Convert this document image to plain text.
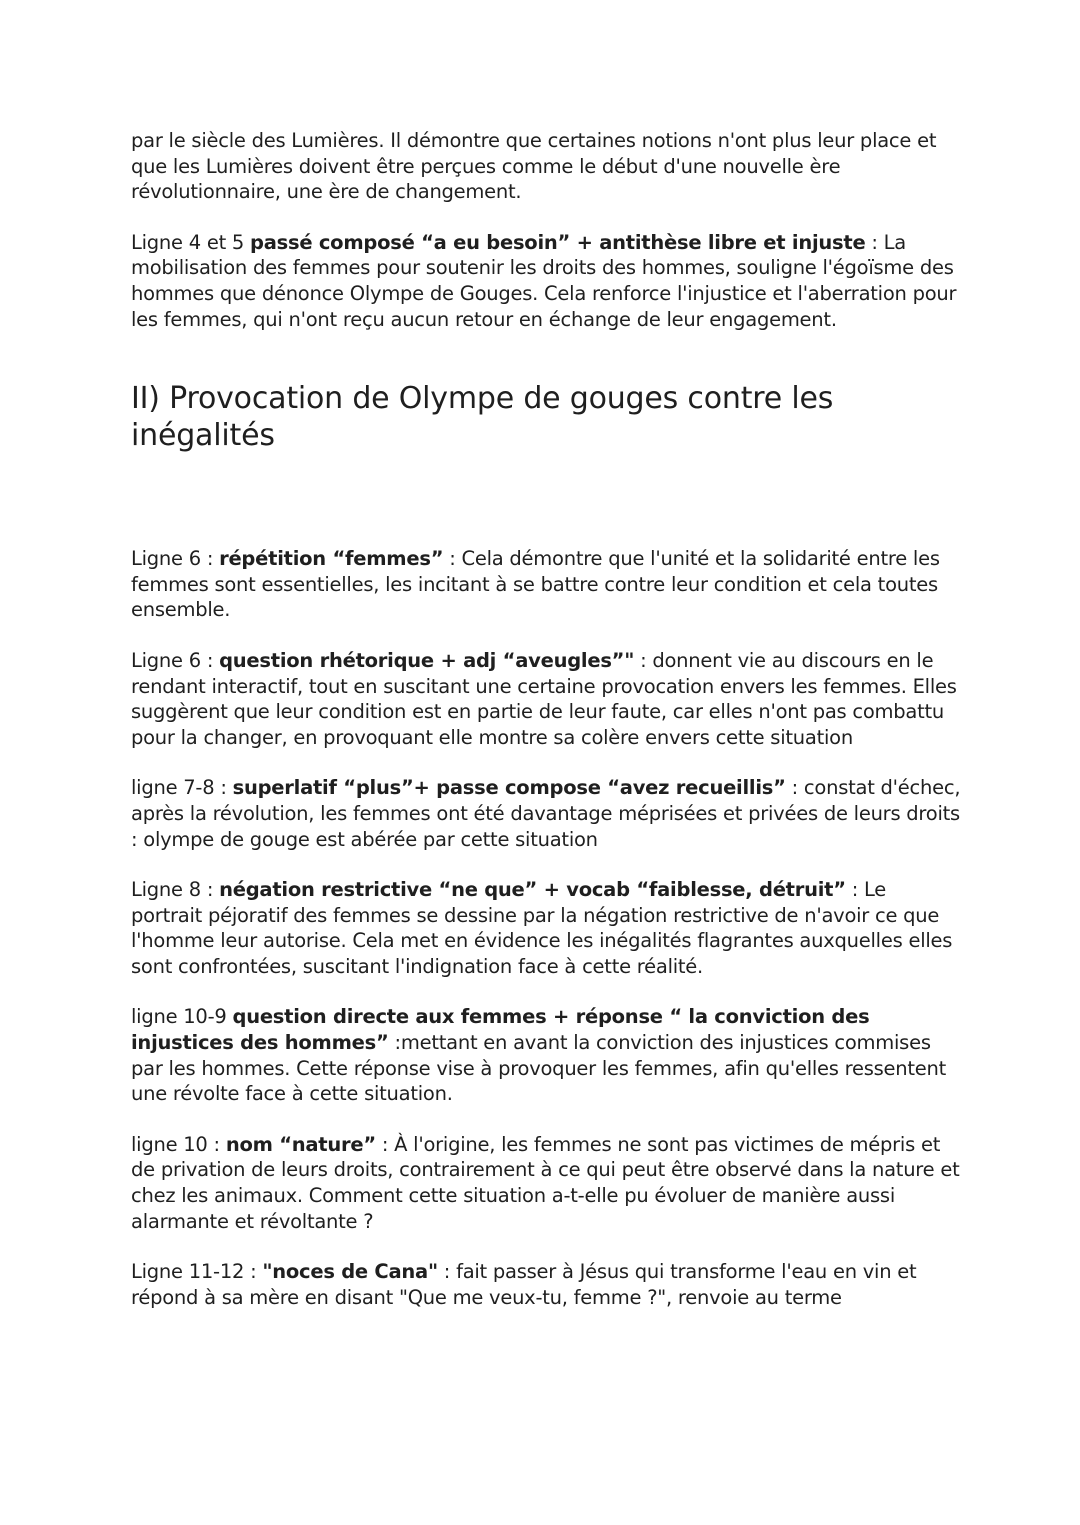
par le siècle des Lumières. Il démontre que certaines notions n'ont plus leur place et que les Lumières doivent être perçues comme le début d'une nouvelle ère révolutionnaire, une ère de changement.

Ligne 4 et 5 passé composé “a eu besoin” + antithèse libre et injuste : La mobilisation des femmes pour soutenir les droits des hommes, souligne l'égoïsme des hommes que dénonce Olympe de Gouges. Cela renforce l'injustice et l'aberration pour les femmes, qui n'ont reçu aucun retour en échange de leur engagement.

II) Provocation de Olympe de gouges contre les inégalités

Ligne 6 : répétition “femmes” : Cela démontre que l'unité et la solidarité entre les femmes sont essentielles, les incitant à se battre contre leur condition et cela toutes ensemble.

Ligne 6 : question rhétorique + adj “aveugles”" : donnent vie au discours en le rendant interactif, tout en suscitant une certaine provocation envers les femmes. Elles suggèrent que leur condition est en partie de leur faute, car elles n'ont pas combattu pour la changer, en provoquant elle montre sa colère envers cette situation

ligne 7-8 : superlatif “plus”+ passe compose “avez recueillis” : constat d'échec, après la révolution, les femmes ont été davantage méprisées et privées de leurs droits : olympe de gouge est abérée par cette situation

Ligne 8 : négation restrictive “ne que” + vocab “faiblesse, détruit” : Le portrait péjoratif des femmes se dessine par la négation restrictive de n'avoir ce que l'homme leur autorise. Cela met en évidence les inégalités flagrantes auxquelles elles sont confrontées, suscitant l'indignation face à cette réalité.

ligne 10-9 question directe aux femmes + réponse “ la conviction des injustices des hommes” :mettant en avant la conviction des injustices commises par les hommes. Cette réponse vise à provoquer les femmes, afin qu'elles ressentent une révolte face à cette situation.

ligne 10 : nom “nature” : À l'origine, les femmes ne sont pas victimes de mépris et de privation de leurs droits, contrairement à ce qui peut être observé dans la nature et chez les animaux. Comment cette situation a-t-elle pu évoluer de manière aussi alarmante et révoltante ?

Ligne 11-12 : "noces de Cana" : fait passer à Jésus qui transforme l'eau en vin et répond à sa mère en disant "Que me veux-tu, femme ?", renvoie au terme
